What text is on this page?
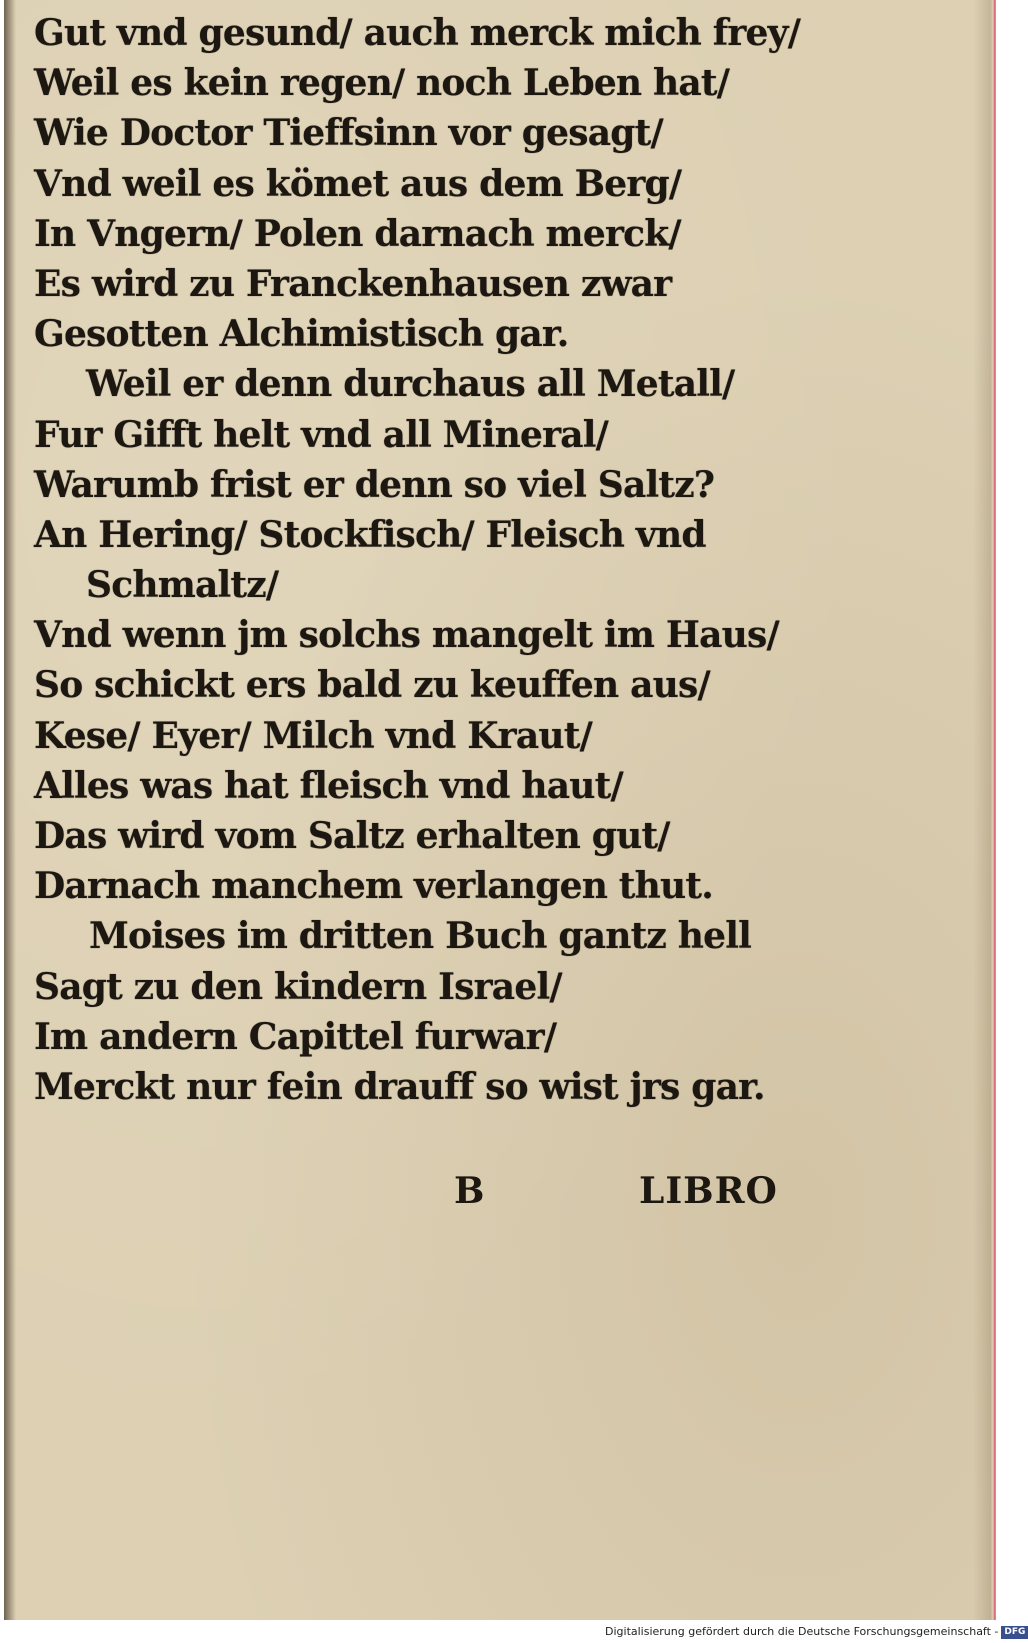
Gut vnd gesund/ auch merck mich frey/
Weil es kein regen/ noch Leben hat/
Wie Doctor Tieffsinn vor gesagt/
Vnd weil es kömet aus dem Berg/
In Vngern/ Polen darnach merck/
Es wird zu Franckenhausen zwar
Gesotten Alchimistisch gar.
Weil er denn durchaus all Metall/
Fur Gifft helt vnd all Mineral/
Warumb frist er denn so viel Saltz?
An Hering/ Stockfisch/ Fleisch vnd
Schmaltz/
Vnd wenn jm solchs mangelt im Haus/
So schickt ers bald zu keuffen aus/
Kese/ Eyer/ Milch vnd Kraut/
Alles was hat fleisch vnd haut/
Das wird vom Saltz erhalten gut/
Darnach manchem verlangen thut.
Moises im dritten Buch gantz hell
Sagt zu den kindern Israel/
Im andern Capittel furwar/
Merckt nur fein drauff so wist jrs gar.
B	LIBRO
Digitalisierung gefördert durch die Deutsche Forschungsgemeinschaft - DFG
